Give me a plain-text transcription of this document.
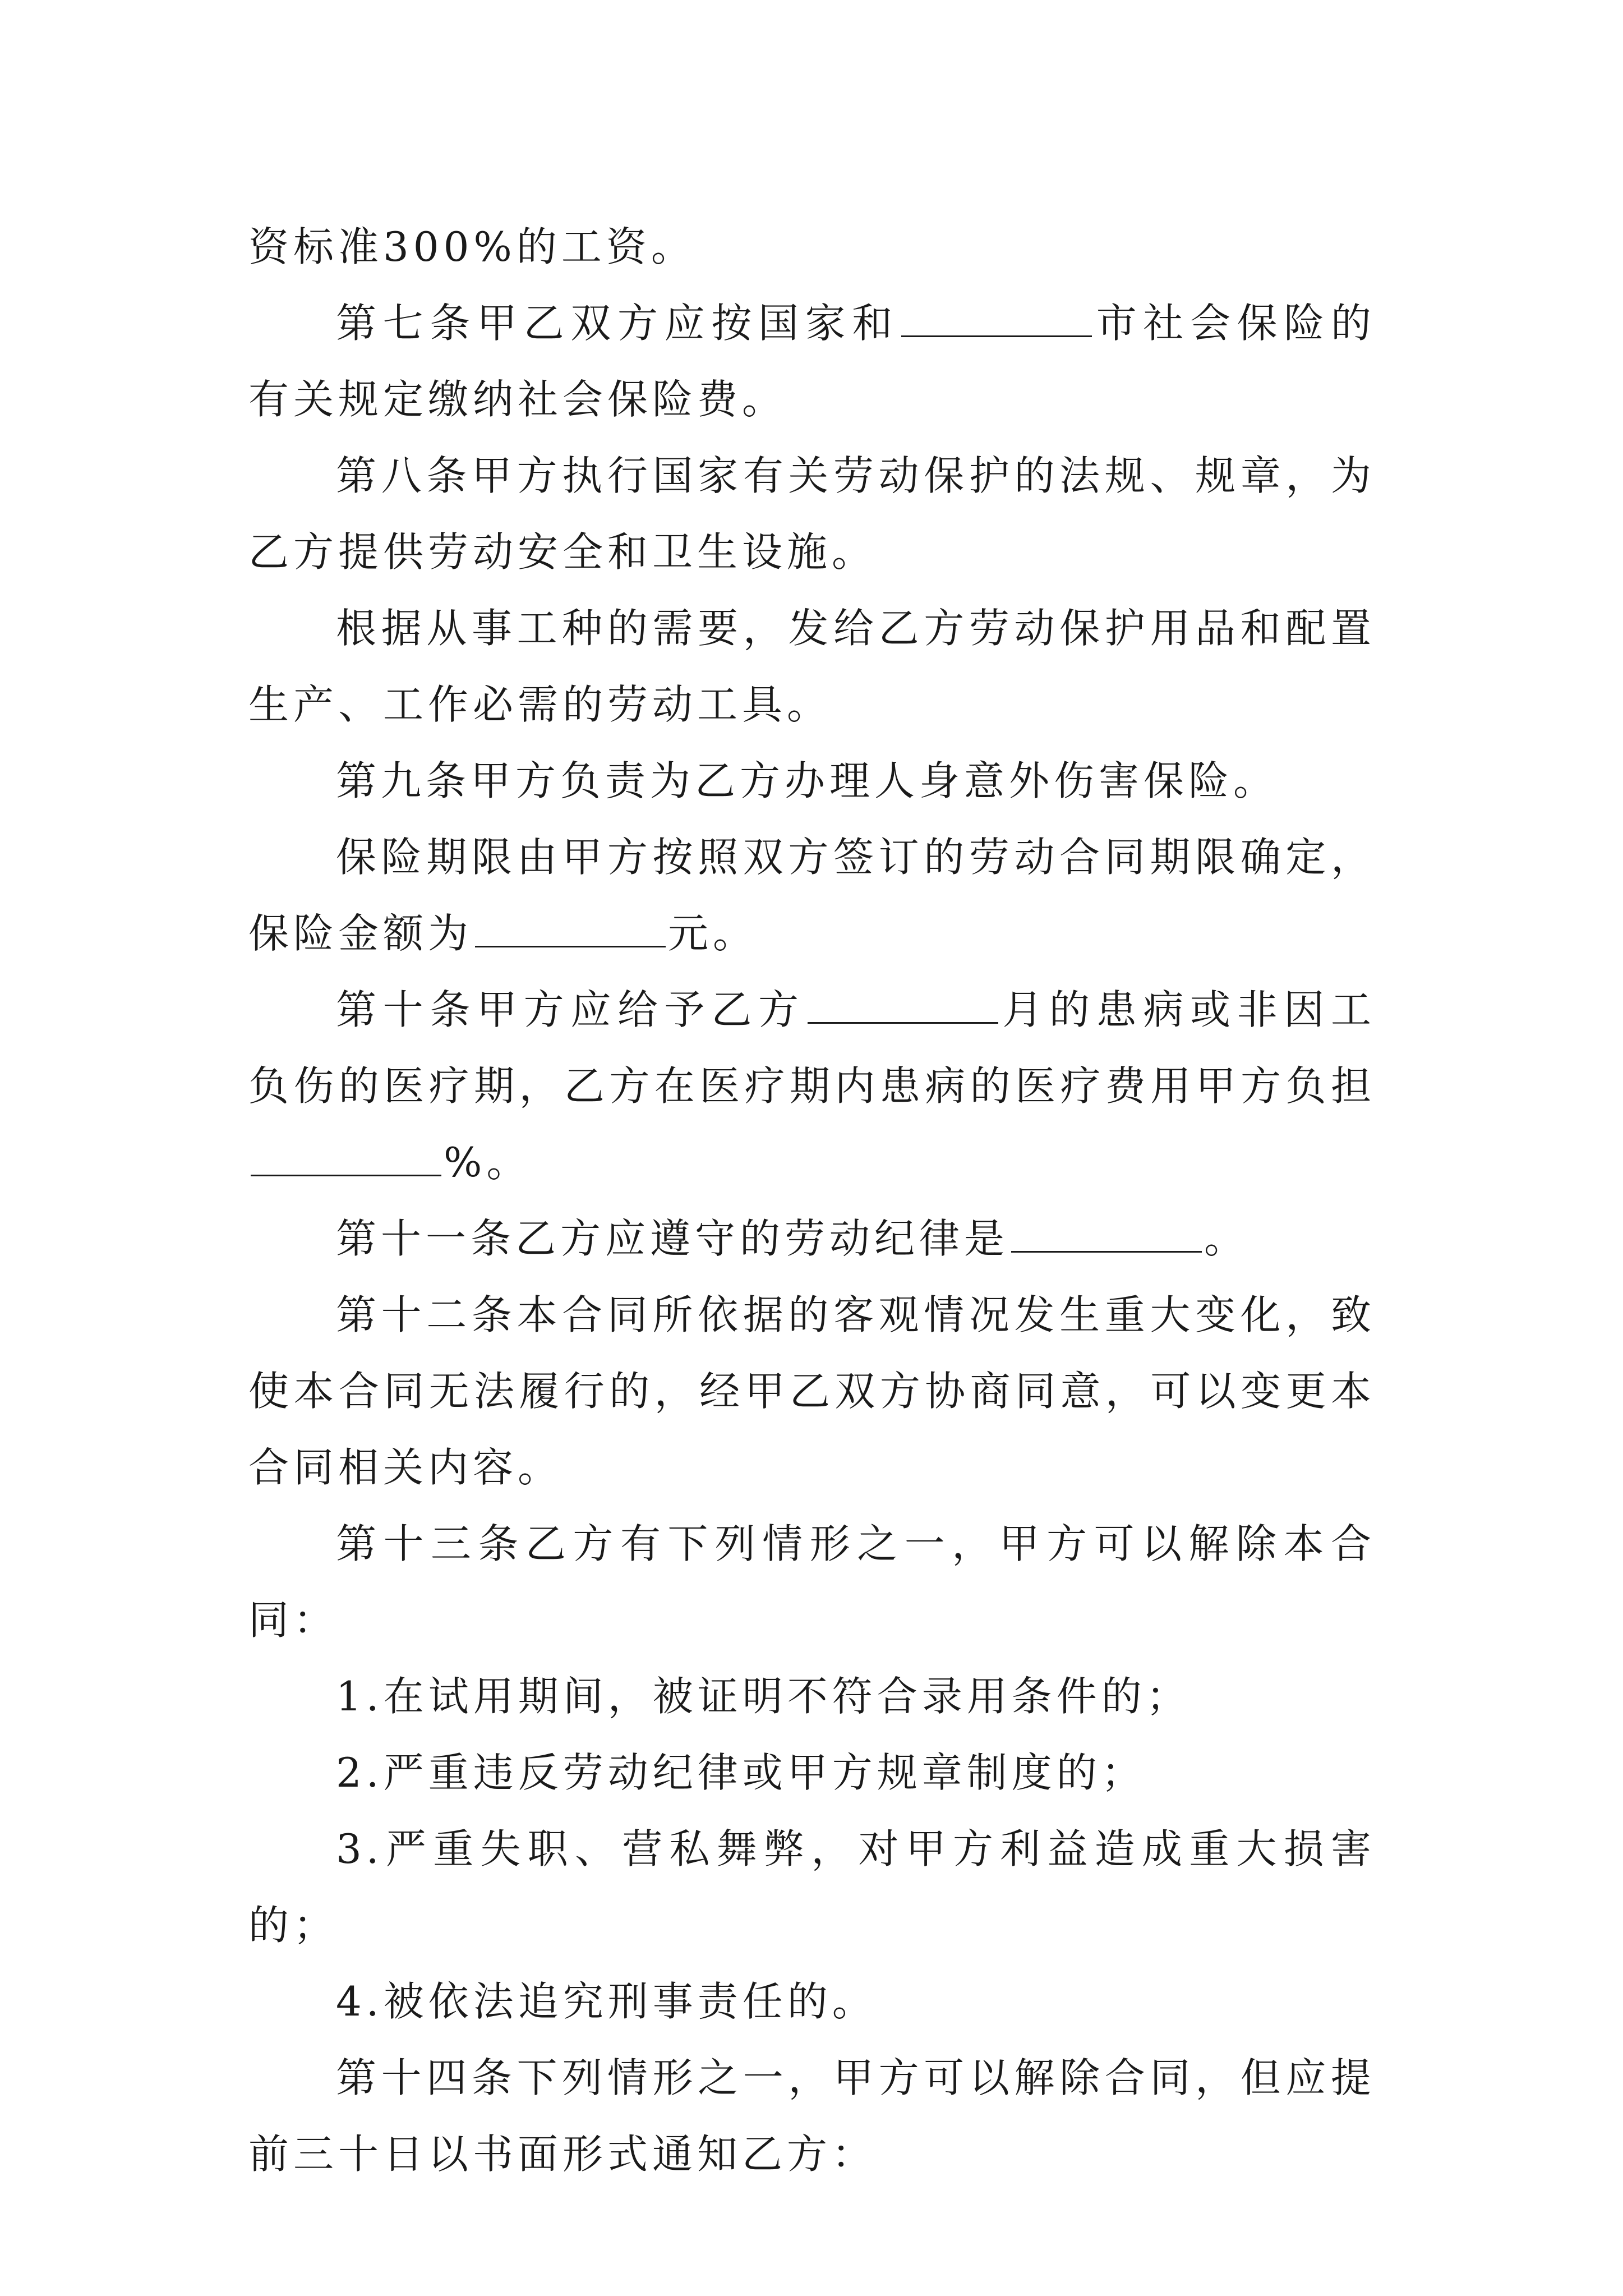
资标准300%的工资。

第七条甲乙双方应按国家和	市社会保险的有关规定缴纳社会保险费。

第八条甲方执行国家有关劳动保护的法规、规章，为乙方提供劳动安全和卫生设施。

根据从事工种的需要，发给乙方劳动保护用品和配置生产、工作必需的劳动工具。

第九条甲方负责为乙方办理人身意外伤害保险。

保险期限由甲方按照双方签订的劳动合同期限确定，保险金额为	元。

第十条甲方应给予乙方	月的患病或非因工负伤的医疗期，乙方在医疗期内患病的医疗费用甲方负担%。

第十一条乙方应遵守的劳动纪律是	。

第十二条本合同所依据的客观情况发生重大变化，致使本合同无法履行的，经甲乙双方协商同意，可以变更本合同相关内容。

第十三条乙方有下列情形之一，甲方可以解除本合同：

1.在试用期间，被证明不符合录用条件的；

2.严重违反劳动纪律或甲方规章制度的；

3.严重失职、营私舞弊，对甲方利益造成重大损害的；

4.被依法追究刑事责任的。

第十四条下列情形之一，甲方可以解除合同，但应提前三十日以书面形式通知乙方：
